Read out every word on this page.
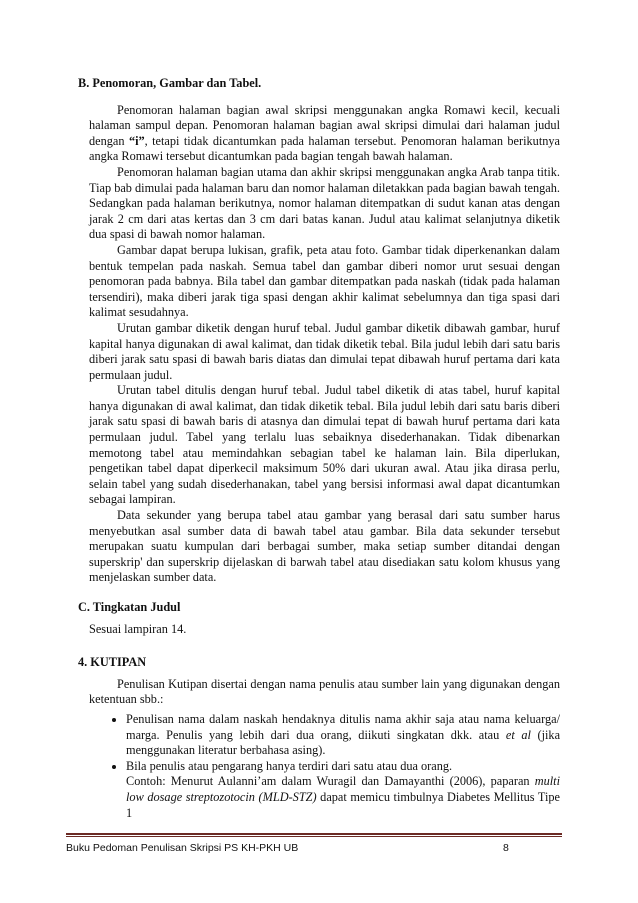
B. Penomoran, Gambar dan Tabel.

Penomoran halaman bagian awal skripsi menggunakan angka Romawi kecil, kecuali halaman sampul depan. Penomoran halaman bagian awal skripsi dimulai dari halaman judul dengan “i”, tetapi tidak dicantumkan pada halaman tersebut. Penomoran halaman berikutnya angka Romawi tersebut dicantumkan pada bagian tengah bawah halaman.

Penomoran halaman bagian utama dan akhir skripsi menggunakan angka Arab tanpa titik. Tiap bab dimulai pada halaman baru dan nomor halaman diletakkan pada bagian bawah tengah. Sedangkan pada halaman berikutnya, nomor halaman ditempatkan di sudut kanan atas dengan jarak 2 cm dari atas kertas dan 3 cm dari batas kanan. Judul atau kalimat selanjutnya diketik dua spasi di bawah nomor halaman.

Gambar dapat berupa lukisan, grafik, peta atau foto. Gambar tidak diperkenankan dalam bentuk tempelan pada naskah. Semua tabel dan gambar diberi nomor urut sesuai dengan penomoran pada babnya. Bila tabel dan gambar ditempatkan pada naskah (tidak pada halaman tersendiri), maka diberi jarak tiga spasi dengan akhir kalimat sebelumnya dan tiga spasi dari kalimat sesudahnya.

Urutan gambar diketik dengan huruf tebal. Judul gambar diketik dibawah gambar, huruf kapital hanya digunakan di awal kalimat, dan tidak diketik tebal. Bila judul lebih dari satu baris diberi jarak satu spasi di bawah baris diatas dan dimulai tepat dibawah huruf pertama dari kata permulaan judul.

Urutan tabel ditulis dengan huruf tebal. Judul tabel diketik di atas tabel, huruf kapital hanya digunakan di awal kalimat, dan tidak diketik tebal. Bila judul lebih dari satu baris diberi jarak satu spasi di bawah baris di atasnya dan dimulai tepat di bawah huruf pertama dari kata permulaan judul. Tabel yang terlalu luas sebaiknya disederhanakan. Tidak dibenarkan memotong tabel atau memindahkan sebagian tabel ke halaman lain. Bila diperlukan, pengetikan tabel dapat diperkecil maksimum 50% dari ukuran awal. Atau jika dirasa perlu, selain tabel yang sudah disederhanakan, tabel yang bersisi informasi awal dapat dicantumkan sebagai lampiran.

Data sekunder yang berupa tabel atau gambar yang berasal dari satu sumber harus menyebutkan asal sumber data di bawah tabel atau gambar. Bila data sekunder tersebut merupakan suatu kumpulan dari berbagai sumber, maka setiap sumber ditandai dengan superskrip' dan superskrip dijelaskan di barwah tabel atau disediakan satu kolom khusus yang menjelaskan sumber data.

C. Tingkatan Judul

Sesuai lampiran 14.

4. KUTIPAN

Penulisan Kutipan disertai dengan nama penulis atau sumber lain yang digunakan dengan ketentuan sbb.:

• Penulisan nama dalam naskah hendaknya ditulis nama akhir saja atau nama keluarga/ marga. Penulis yang lebih dari dua orang, diikuti singkatan dkk. atau et al (jika menggunakan literatur berbahasa asing).
• Bila penulis atau pengarang hanya terdiri dari satu atau dua orang.
Contoh: Menurut Aulanni’am dalam Wuragil dan Damayanthi (2006), paparan multi low dosage streptozotocin (MLD-STZ) dapat memicu timbulnya Diabetes Mellitus Tipe 1
Buku Pedoman Penulisan Skripsi PS KH-PKH UB	8
